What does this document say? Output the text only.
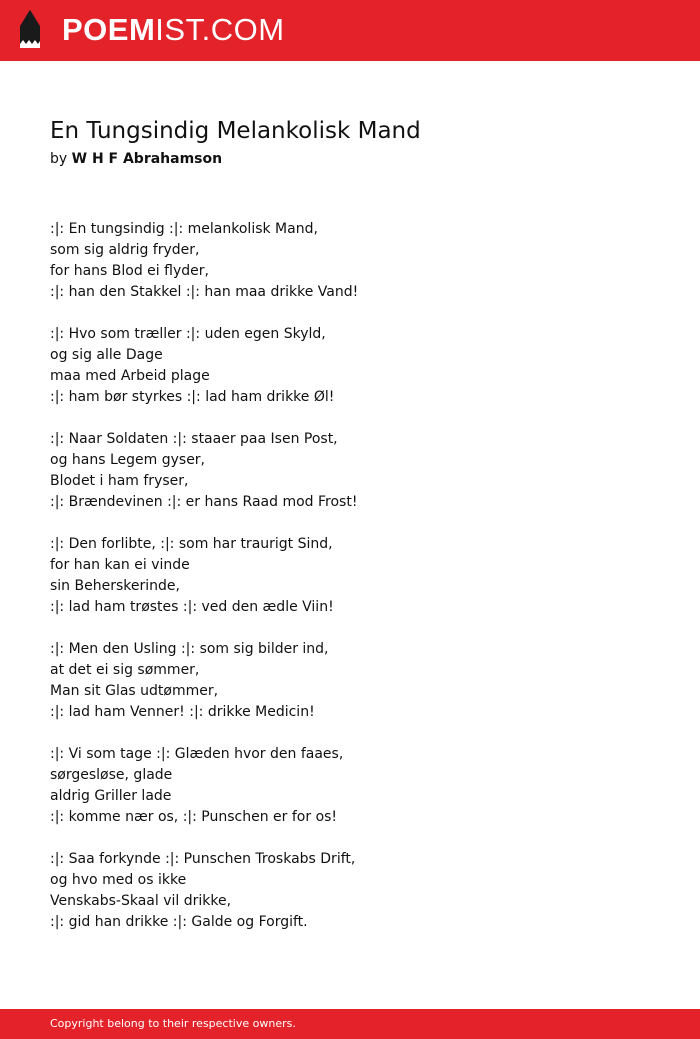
POEMIST.COM
En Tungsindig Melankolisk Mand
by W H F Abrahamson
:|: En tungsindig :|: melankolisk Mand,
som sig aldrig fryder,
for hans Blod ei flyder,
:|: han den Stakkel :|: han maa drikke Vand!
:|: Hvo som træller :|: uden egen Skyld,
og sig alle Dage
maa med Arbeid plage
:|: ham bør styrkes :|: lad ham drikke Øl!
:|: Naar Soldaten :|: staaer paa Isen Post,
og hans Legem gyser,
Blodet i ham fryser,
:|: Brændevinen :|: er hans Raad mod Frost!
:|: Den forlibte, :|: som har traurigt Sind,
for han kan ei vinde
sin Beherskerinde,
:|: lad ham trøstes :|: ved den ædle Viin!
:|: Men den Usling :|: som sig bilder ind,
at det ei sig sømmer,
Man sit Glas udtømmer,
:|: lad ham Venner! :|: drikke Medicin!
:|: Vi som tage :|: Glæden hvor den faaes,
sørgesløse, glade
aldrig Griller lade
:|: komme nær os, :|: Punschen er for os!
:|: Saa forkynde :|: Punschen Troskabs Drift,
og hvo med os ikke
Venskabs-Skaal vil drikke,
:|: gid han drikke :|: Galde og Forgift.
Copyright belong to their respective owners.
